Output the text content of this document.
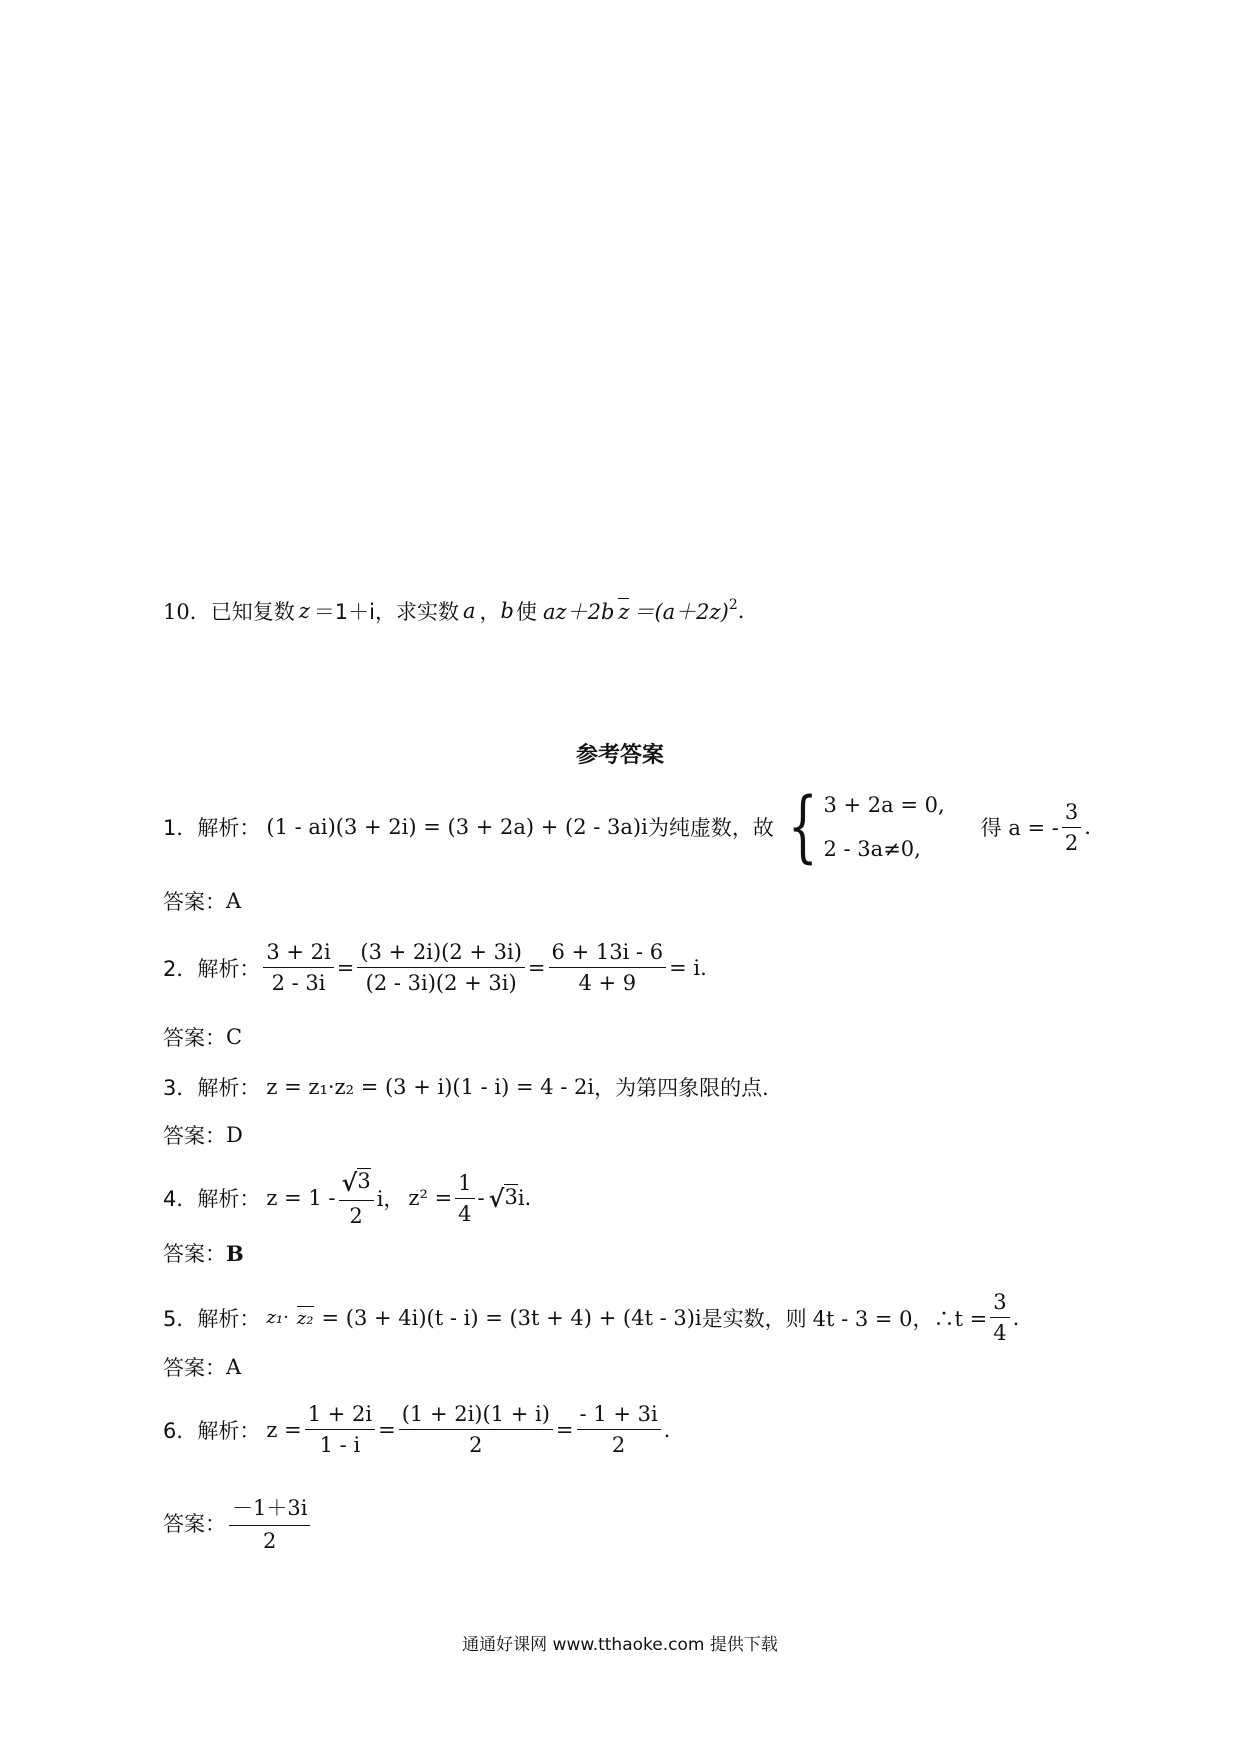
10． 已知复数 z ＝1＋i，求实数 a ， b 使 az＋2b $z =(a+2z)^2$ .
参考答案
1．解析： (1 - ai)(3 + 2i) = (3 + 2a) + (2 - 3a)i 为纯虚数，故 { 3 + 2a = 0,
2 - 3a≠0,
得 a = - $\frac{3}{2}$ .
答案： A
2．解析： $\frac{3 + 2i}{2 - 3i} = \frac{(3 + 2i)(2 + 3i)}{(2 - 3i)(2 + 3i)} = \frac{6 + 13i - 6}{4 + 9} = i$.
答案： C
3．解析： z = z₁·z₂ = (3 + i)(1 - i) = 4 - 2i ，为第四象限的点．
答案： D
4．解析： $z = 1 - \frac{√ 3}{2}$ i， $z^2 = \frac{1}{4}$ - √ 3 i.
答案： B
5．解析： z₁· z₂ = (3 + 4i)(t - i) = (3t + 4) + (4t - 3)i 是实数，则 4t - 3 = 0，∴t = $\frac{3}{4}$ .
答案： A
6．解析： $z = \frac{1 + 2i}{1 - i} = \frac{(1 + 2i)(1 + i)}{2} = \frac{- 1 + 3i}{2}$ .
答案： $\frac{-1+3i}{2}$
通通好课网 www.tthaoke.com 提供下载
